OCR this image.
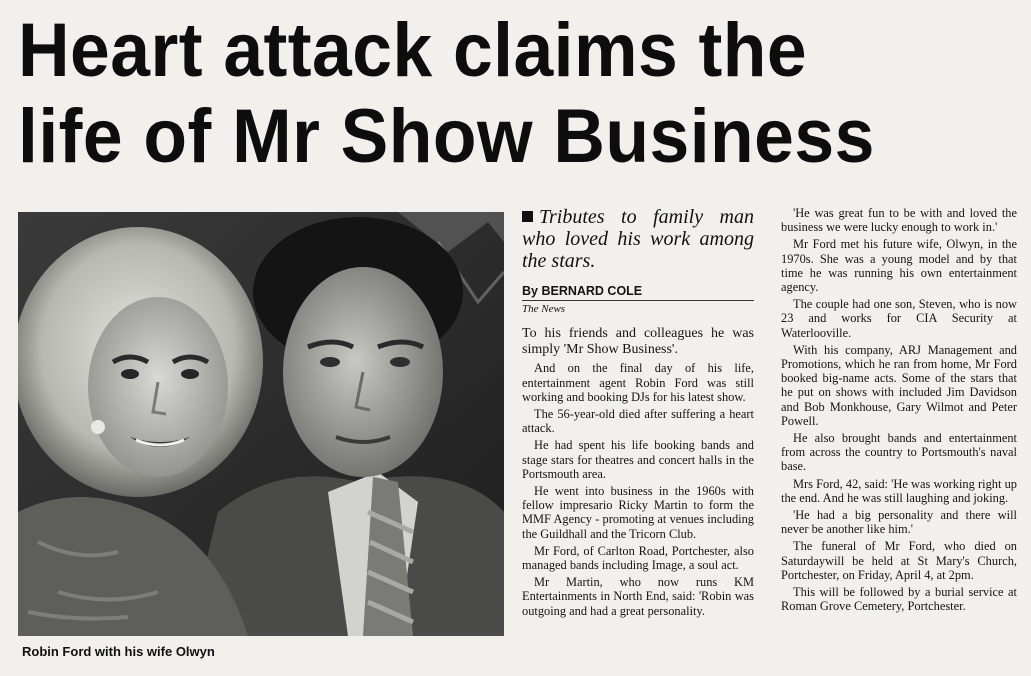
Heart attack claims the
life of Mr Show Business
Robin Ford with his wife Olwyn
Tributes to family man who loved his work among the stars.
By BERNARD COLE
The News

To his friends and colleagues he was simply 'Mr Show Business'.

And on the final day of his life, entertainment agent Robin Ford was still working and booking DJs for his latest show.

The 56-year-old died after suffering a heart attack.

He had spent his life booking bands and stage stars for theatres and concert halls in the Portsmouth area.

He went into business in the 1960s with fellow impresario Ricky Martin to form the MMF Agency - promoting at venues including the Guildhall and the Tricorn Club.

Mr Ford, of Carlton Road, Portchester, also managed bands including Image, a soul act.

Mr Martin, who now runs KM Entertainments in North End, said: 'Robin was outgoing and had a great personality.

'He was great fun to be with and loved the business we were lucky enough to work in.'

Mr Ford met his future wife, Olwyn, in the 1970s. She was a young model and by that time he was running his own entertainment agency.

The couple had one son, Steven, who is now 23 and works for CIA Security at Waterlooville.

With his company, ARJ Management and Promotions, which he ran from home, Mr Ford booked big-name acts. Some of the stars that he put on shows with included Jim Davidson and Bob Monkhouse, Gary Wilmot and Peter Powell.

He also brought bands and entertainment from across the country to Portsmouth's naval base.

Mrs Ford, 42, said: 'He was working right up the end. And he was still laughing and joking.

'He had a big personality and there will never be another like him.'

The funeral of Mr Ford, who died on Saturdaywill be held at St Mary's Church, Portchester, on Friday, April 4, at 2pm.

This will be followed by a burial service at Roman Grove Cemetery, Portchester.
